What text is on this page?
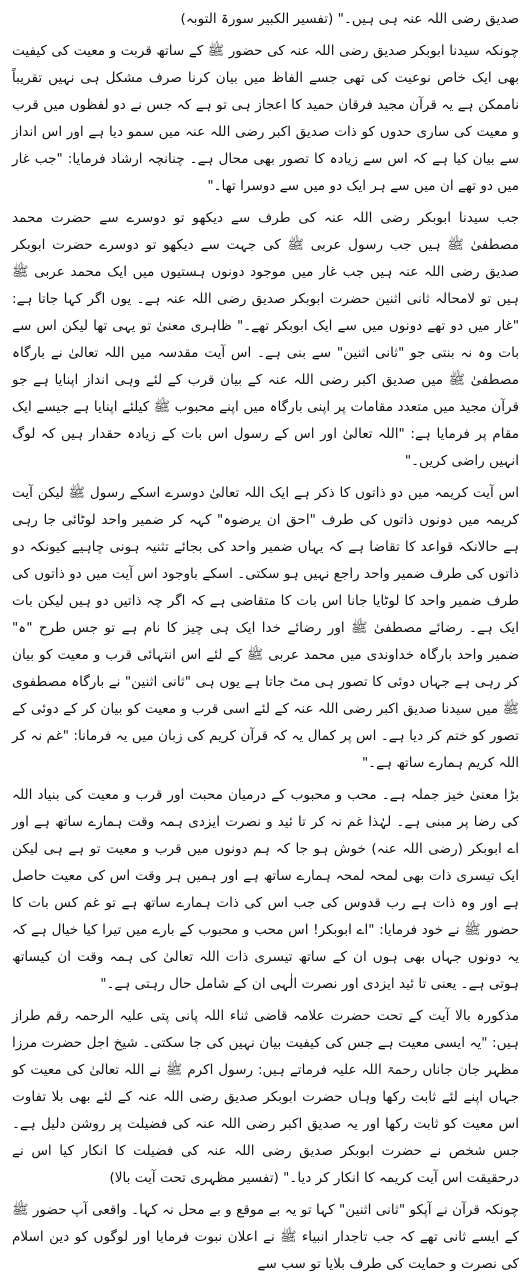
صدیق رضی اللہ عنہ ہی ہیں۔" (تفسیر الکبیر سورۃ التوبہ)

چونکہ سیدنا ابوبکر صدیق رضی اللہ عنہ کی حضور ﷺ کے ساتھ قربت و معیت کی کیفیت بھی ایک خاص نوعیت کی تھی جسے الفاظ میں بیان کرنا صرف مشکل ہی نہیں تقریباً ناممکن ہے یہ قرآن مجید فرقان حمید کا اعجاز ہی تو ہے کہ جس نے دو لفظوں میں قرب و معیت کی ساری حدوں کو ذات صدیق اکبر رضی اللہ عنہ میں سمو دیا ہے اور اس انداز سے بیان کیا ہے کہ اس سے زیادہ کا تصور بھی محال ہے۔ چنانچہ ارشاد فرمایا: "جب غار میں دو تھے ان میں سے ہر ایک دو میں سے دوسرا تھا۔"

جب سیدنا ابوبکر رضی اللہ عنہ کی طرف سے دیکھو تو دوسرے سے حضرت محمد مصطفیٰ ﷺ ہیں جب رسول عربی ﷺ کی جہت سے دیکھو تو دوسرے حضرت ابوبکر صدیق رضی اللہ عنہ ہیں جب غار میں موجود دونوں ہستیوں میں ایک محمد عربی ﷺ ہیں تو لامحالہ ثانی اثنین حضرت ابوبکر صدیق رضی اللہ عنہ ہے۔ یوں اگر کہا جاتا ہے: "غار میں دو تھے دونوں میں سے ایک ابوبکر تھے۔" ظاہری معنیٰ تو یہی تھا لیکن اس سے بات وہ نہ بنتی جو "ثانی اثنین" سے بنی ہے۔ اس آیت مقدسہ میں اللہ تعالیٰ نے بارگاہ مصطفیٰ ﷺ میں صدیق اکبر رضی اللہ عنہ کے بیان قرب کے لئے وہی انداز اپنایا ہے جو قرآن مجید میں متعدد مقامات پر اپنی بارگاہ میں اپنے محبوب ﷺ کیلئے اپنایا ہے جیسے ایک مقام پر فرمایا ہے: "اللہ تعالیٰ اور اس کے رسول اس بات کے زیادہ حقدار ہیں کہ لوگ انہیں راضی کریں۔"

اس آیت کریمہ میں دو ذاتوں کا ذکر ہے ایک اللہ تعالیٰ دوسرے اسکے رسول ﷺ لیکن آیت کریمہ میں دونوں ذاتوں کی طرف "احق ان یرضوہ" کہہ کر ضمیر واحد لوٹائی جا رہی ہے حالانکہ قواعد کا تقاضا ہے کہ یہاں ضمیر واحد کی بجائے تثنیہ ہونی چاہیے کیونکہ دو ذاتوں کی طرف ضمیر واحد راجع نہیں ہو سکتی۔ اسکے باوجود اس آیت میں دو ذاتوں کی طرف ضمیر واحد کا لوٹایا جانا اس بات کا متقاضی ہے کہ اگر چہ ذاتیں دو ہیں لیکن بات ایک ہے۔ رضائے مصطفیٰ ﷺ اور رضائے خدا ایک ہی چیز کا نام ہے تو جس طرح "ہ" ضمیر واحد بارگاہ خداوندی میں محمد عربی ﷺ کے لئے اس انتہائی قرب و معیت کو بیان کر رہی ہے جہاں دوئی کا تصور ہی مٹ جاتا ہے یوں ہی "ثانی اثنین" نے بارگاہ مصطفوی ﷺ میں سیدنا صدیق اکبر رضی اللہ عنہ کے لئے اسی قرب و معیت کو بیان کر کے دوئی کے تصور کو ختم کر دیا ہے۔ اس پر کمال یہ کہ قرآن کریم کی زبان میں یہ فرمانا: "غم نہ کر اللہ کریم ہمارے ساتھ ہے۔"

بڑا معنیٰ خیز جملہ ہے۔ محب و محبوب کے درمیان محبت اور قرب و معیت کی بنیاد اللہ کی رضا پر مبنی ہے۔ لہٰذا غم نہ کر تا ئید و نصرت ایزدی ہمہ وقت ہمارے ساتھ ہے اور اے ابوبکر (رضی اللہ عنہ) خوش ہو جا کہ ہم دونوں میں قرب و معیت تو ہے ہی لیکن ایک تیسری ذات بھی لمحہ لمحہ ہمارے ساتھ ہے اور ہمیں ہر وقت اس کی معیت حاصل ہے اور وہ ذات ہے رب قدوس کی جب اس کی ذات ہمارے ساتھ ہے تو غم کس بات کا حضور ﷺ نے خود فرمایا: "اے ابوبکر! اس محب و محبوب کے بارے میں تیرا کیا خیال ہے کہ یہ دونوں جہاں بھی ہوں ان کے ساتھ تیسری ذات اللہ تعالیٰ کی ہمہ وقت ان کیساتھ ہوتی ہے۔ یعنی تا ئید ایزدی اور نصرت الٰہی ان کے شامل حال رہتی ہے۔"

مذکورہ بالا آیت کے تحت حضرت علامہ قاضی ثناء اللہ پانی پتی علیہ الرحمہ رقم طراز ہیں: "یہ ایسی معیت ہے جس کی کیفیت بیان نہیں کی جا سکتی۔ شیخ اجل حضرت مرزا مظہر جان جاناں رحمۃ اللہ علیہ فرماتے ہیں: رسول اکرم ﷺ نے اللہ تعالیٰ کی معیت کو جہاں اپنے لئے ثابت رکھا وہاں حضرت ابوبکر صدیق رضی اللہ عنہ کے لئے بھی بلا تفاوت اس معیت کو ثابت رکھا اور یہ صدیق اکبر رضی اللہ عنہ کی فضیلت پر روشن دلیل ہے۔ جس شخص نے حضرت ابوبکر صدیق رضی اللہ عنہ کی فضیلت کا انکار کیا اس نے درحقیقت اس آیت کریمہ کا انکار کر دیا۔" (تفسیر مظہری تحت آیت بالا)

چونکہ قرآن نے آپکو "ثانی اثنین" کہا تو یہ بے موقع و بے محل نہ کہا۔ واقعی آپ حضور ﷺ کے ایسے ثانی تھے کہ جب تاجدار انبیاء ﷺ نے اعلان نبوت فرمایا اور لوگوں کو دین اسلام کی نصرت و حمایت کی طرف بلایا تو سب سے
